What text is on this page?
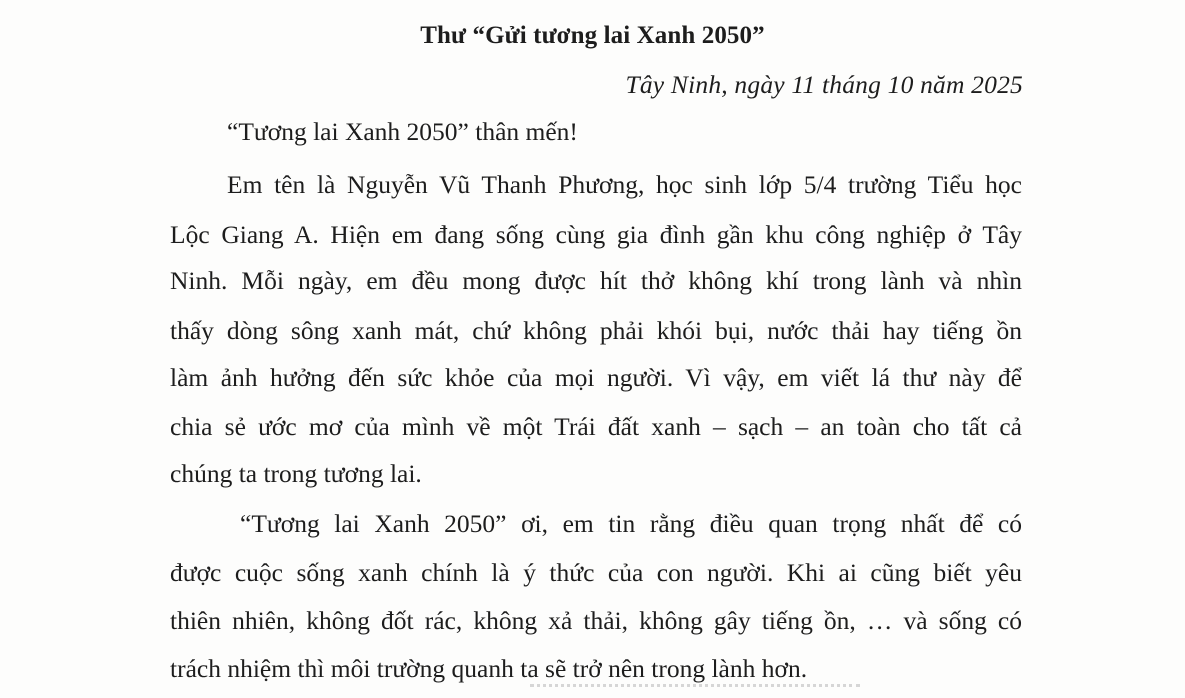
Thư “Gửi tương lai Xanh 2050”
Tây Ninh, ngày 11 tháng 10 năm 2025
“Tương lai Xanh 2050” thân mến!
Em tên là Nguyễn Vũ Thanh Phương, học sinh lớp 5/4 trường Tiểu học
Lộc Giang A. Hiện em đang sống cùng gia đình gần khu công nghiệp ở Tây
Ninh. Mỗi ngày, em đều mong được hít thở không khí trong lành và nhìn
thấy dòng sông xanh mát, chứ không phải khói bụi, nước thải hay tiếng ồn
làm ảnh hưởng đến sức khỏe của mọi người. Vì vậy, em viết lá thư này để
chia sẻ ước mơ của mình về một Trái đất xanh – sạch – an toàn cho tất cả
chúng ta trong tương lai.
“Tương lai Xanh 2050” ơi, em tin rằng điều quan trọng nhất để có
được cuộc sống xanh chính là ý thức của con người. Khi ai cũng biết yêu
thiên nhiên, không đốt rác, không xả thải, không gây tiếng ồn, … và sống có
trách nhiệm thì môi trường quanh ta sẽ trở nên trong lành hơn.
